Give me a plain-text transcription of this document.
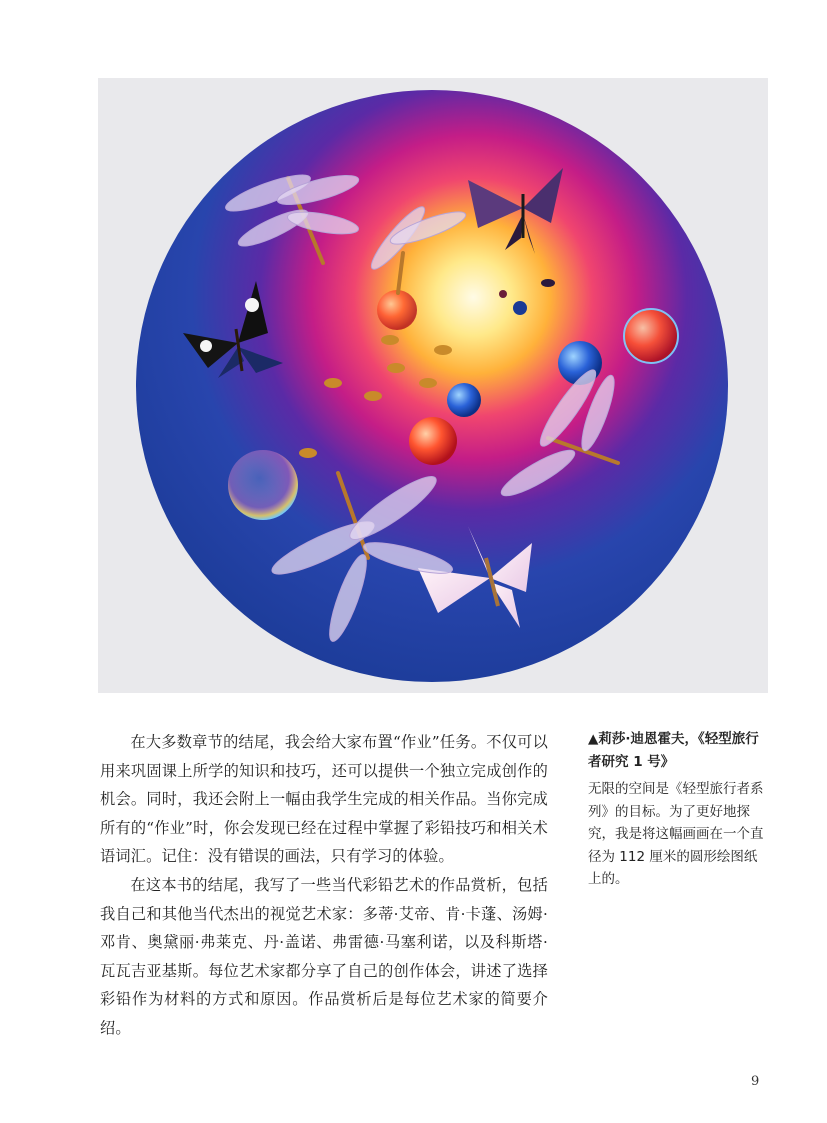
在大多数章节的结尾，我会给大家布置“作业”任务。不仅可以用来巩固课上所学的知识和技巧，还可以提供一个独立完成创作的机会。同时，我还会附上一幅由我学生完成的相关作品。当你完成所有的“作业”时，你会发现已经在过程中掌握了彩铅技巧和相关术语词汇。记住：没有错误的画法，只有学习的体验。

在这本书的结尾，我写了一些当代彩铅艺术的作品赏析，包括我自己和其他当代杰出的视觉艺术家：多蒂·艾帝、肯·卡蓬、汤姆·邓肯、奥黛丽·弗莱克、丹·盖诺、弗雷德·马塞利诺，以及科斯塔·瓦瓦吉亚基斯。每位艺术家都分享了自己的创作体会，讲述了选择彩铅作为材料的方式和原因。作品赏析后是每位艺术家的简要介绍。

▲莉莎·迪恩霍夫，《轻型旅行者研究 1 号》
无限的空间是《轻型旅行者系列》的目标。为了更好地探究，我是将这幅画画在一个直径为 112 厘米的圆形绘图纸上的。
9
